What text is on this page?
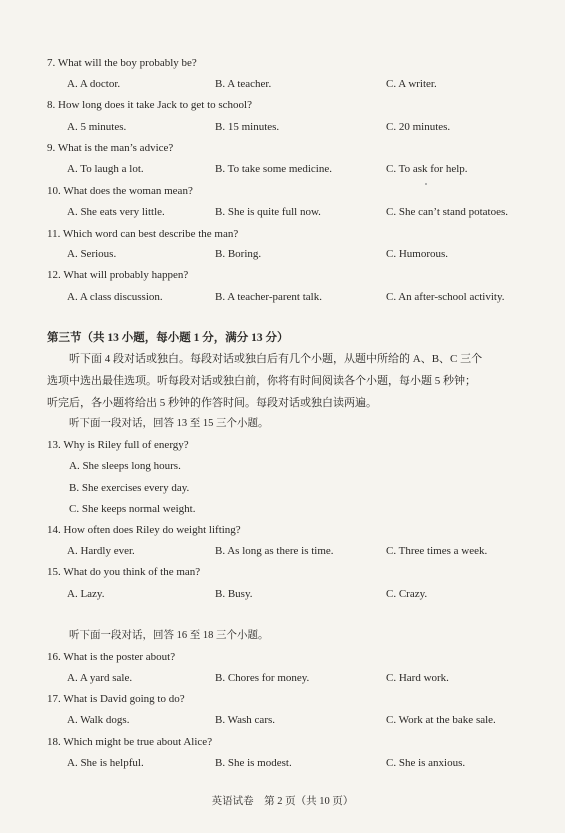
7. What will the boy probably be?
A. A doctor.	B. A teacher.	C. A writer.
8. How long does it take Jack to get to school?
A. 5 minutes.	B. 15 minutes.	C. 20 minutes.
9. What is the man’s advice?
A. To laugh a lot.	B. To take some medicine.	C. To ask for help.
10. What does the woman mean?
A. She eats very little.	B. She is quite full now.	C. She can’t stand potatoes.
11. Which word can best describe the man?
A. Serious.	B. Boring.	C. Humorous.
12. What will probably happen?
A. A class discussion.	B. A teacher-parent talk.	C. An after-school activity.
第三节（共 13 小题，每小题 1 分，满分 13 分）
听下面 4 段对话或独白。每段对话或独白后有几个小题，从题中所给的 A、B、C 三个
选项中选出最佳选项。听每段对话或独白前，你将有时间阅读各个小题，每小题 5 秒钟；
听完后，各小题将给出 5 秒钟的作答时间。每段对话或独白读两遍。
听下面一段对话，回答 13 至 15 三个小题。
13. Why is Riley full of energy?
A. She sleeps long hours.
B. She exercises every day.
C. She keeps normal weight.
14. How often does Riley do weight lifting?
A. Hardly ever.	B. As long as there is time.	C. Three times a week.
15. What do you think of the man?
A. Lazy.	B. Busy.	C. Crazy.
听下面一段对话，回答 16 至 18 三个小题。
16. What is the poster about?
A. A yard sale.	B. Chores for money.	C. Hard work.
17. What is David going to do?
A. Walk dogs.	B. Wash cars.	C. Work at the bake sale.
18. Which might be true about Alice?
A. She is helpful.	B. She is modest.	C. She is anxious.
英语试卷　第 2 页（共 10 页）
